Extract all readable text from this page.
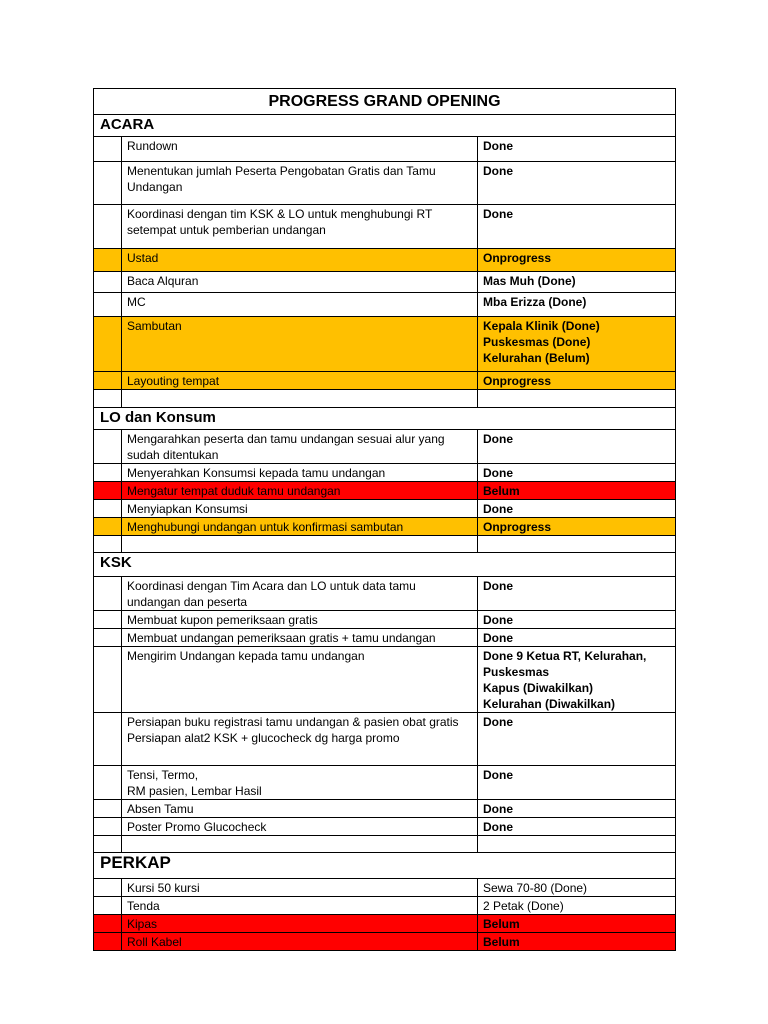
PROGRESS GRAND OPENING		
ACARA		
	Rundown	Done
	Menentukan jumlah Peserta Pengobatan Gratis dan Tamu Undangan	Done
	Koordinasi dengan tim KSK & LO untuk menghubungi RT setempat untuk pemberian undangan	Done
	Ustad	Onprogress
	Baca Alquran	Mas Muh (Done)
	MC	Mba Erizza (Done)
	Sambutan	Kepala Klinik (Done)
Puskesmas (Done)
Kelurahan (Belum)
	Layouting tempat	Onprogress

LO dan Konsum		
	Mengarahkan peserta dan tamu undangan sesuai alur yang sudah ditentukan	Done
	Menyerahkan Konsumsi kepada tamu undangan	Done
	Mengatur tempat duduk tamu undangan	Belum
	Menyiapkan Konsumsi	Done
	Menghubungi undangan untuk konfirmasi sambutan	Onprogress

KSK		
	Koordinasi dengan Tim Acara dan LO untuk data tamu undangan dan peserta	Done
	Membuat kupon pemeriksaan gratis	Done
	Membuat undangan pemeriksaan gratis + tamu undangan	Done
	Mengirim Undangan kepada tamu undangan	Done 9 Ketua RT, Kelurahan, Puskesmas
Kapus (Diwakilkan)
Kelurahan (Diwakilkan)
	Persiapan buku registrasi tamu undangan & pasien obat gratis Persiapan alat2 KSK + glucocheck dg harga promo	Done
	Tensi, Termo,
RM pasien, Lembar Hasil	Done
	Absen Tamu	Done
	Poster Promo Glucocheck	Done

PERKAP		
	Kursi 50 kursi	Sewa 70-80 (Done)
	Tenda	2 Petak (Done)
	Kipas	Belum
	Roll Kabel	Belum
